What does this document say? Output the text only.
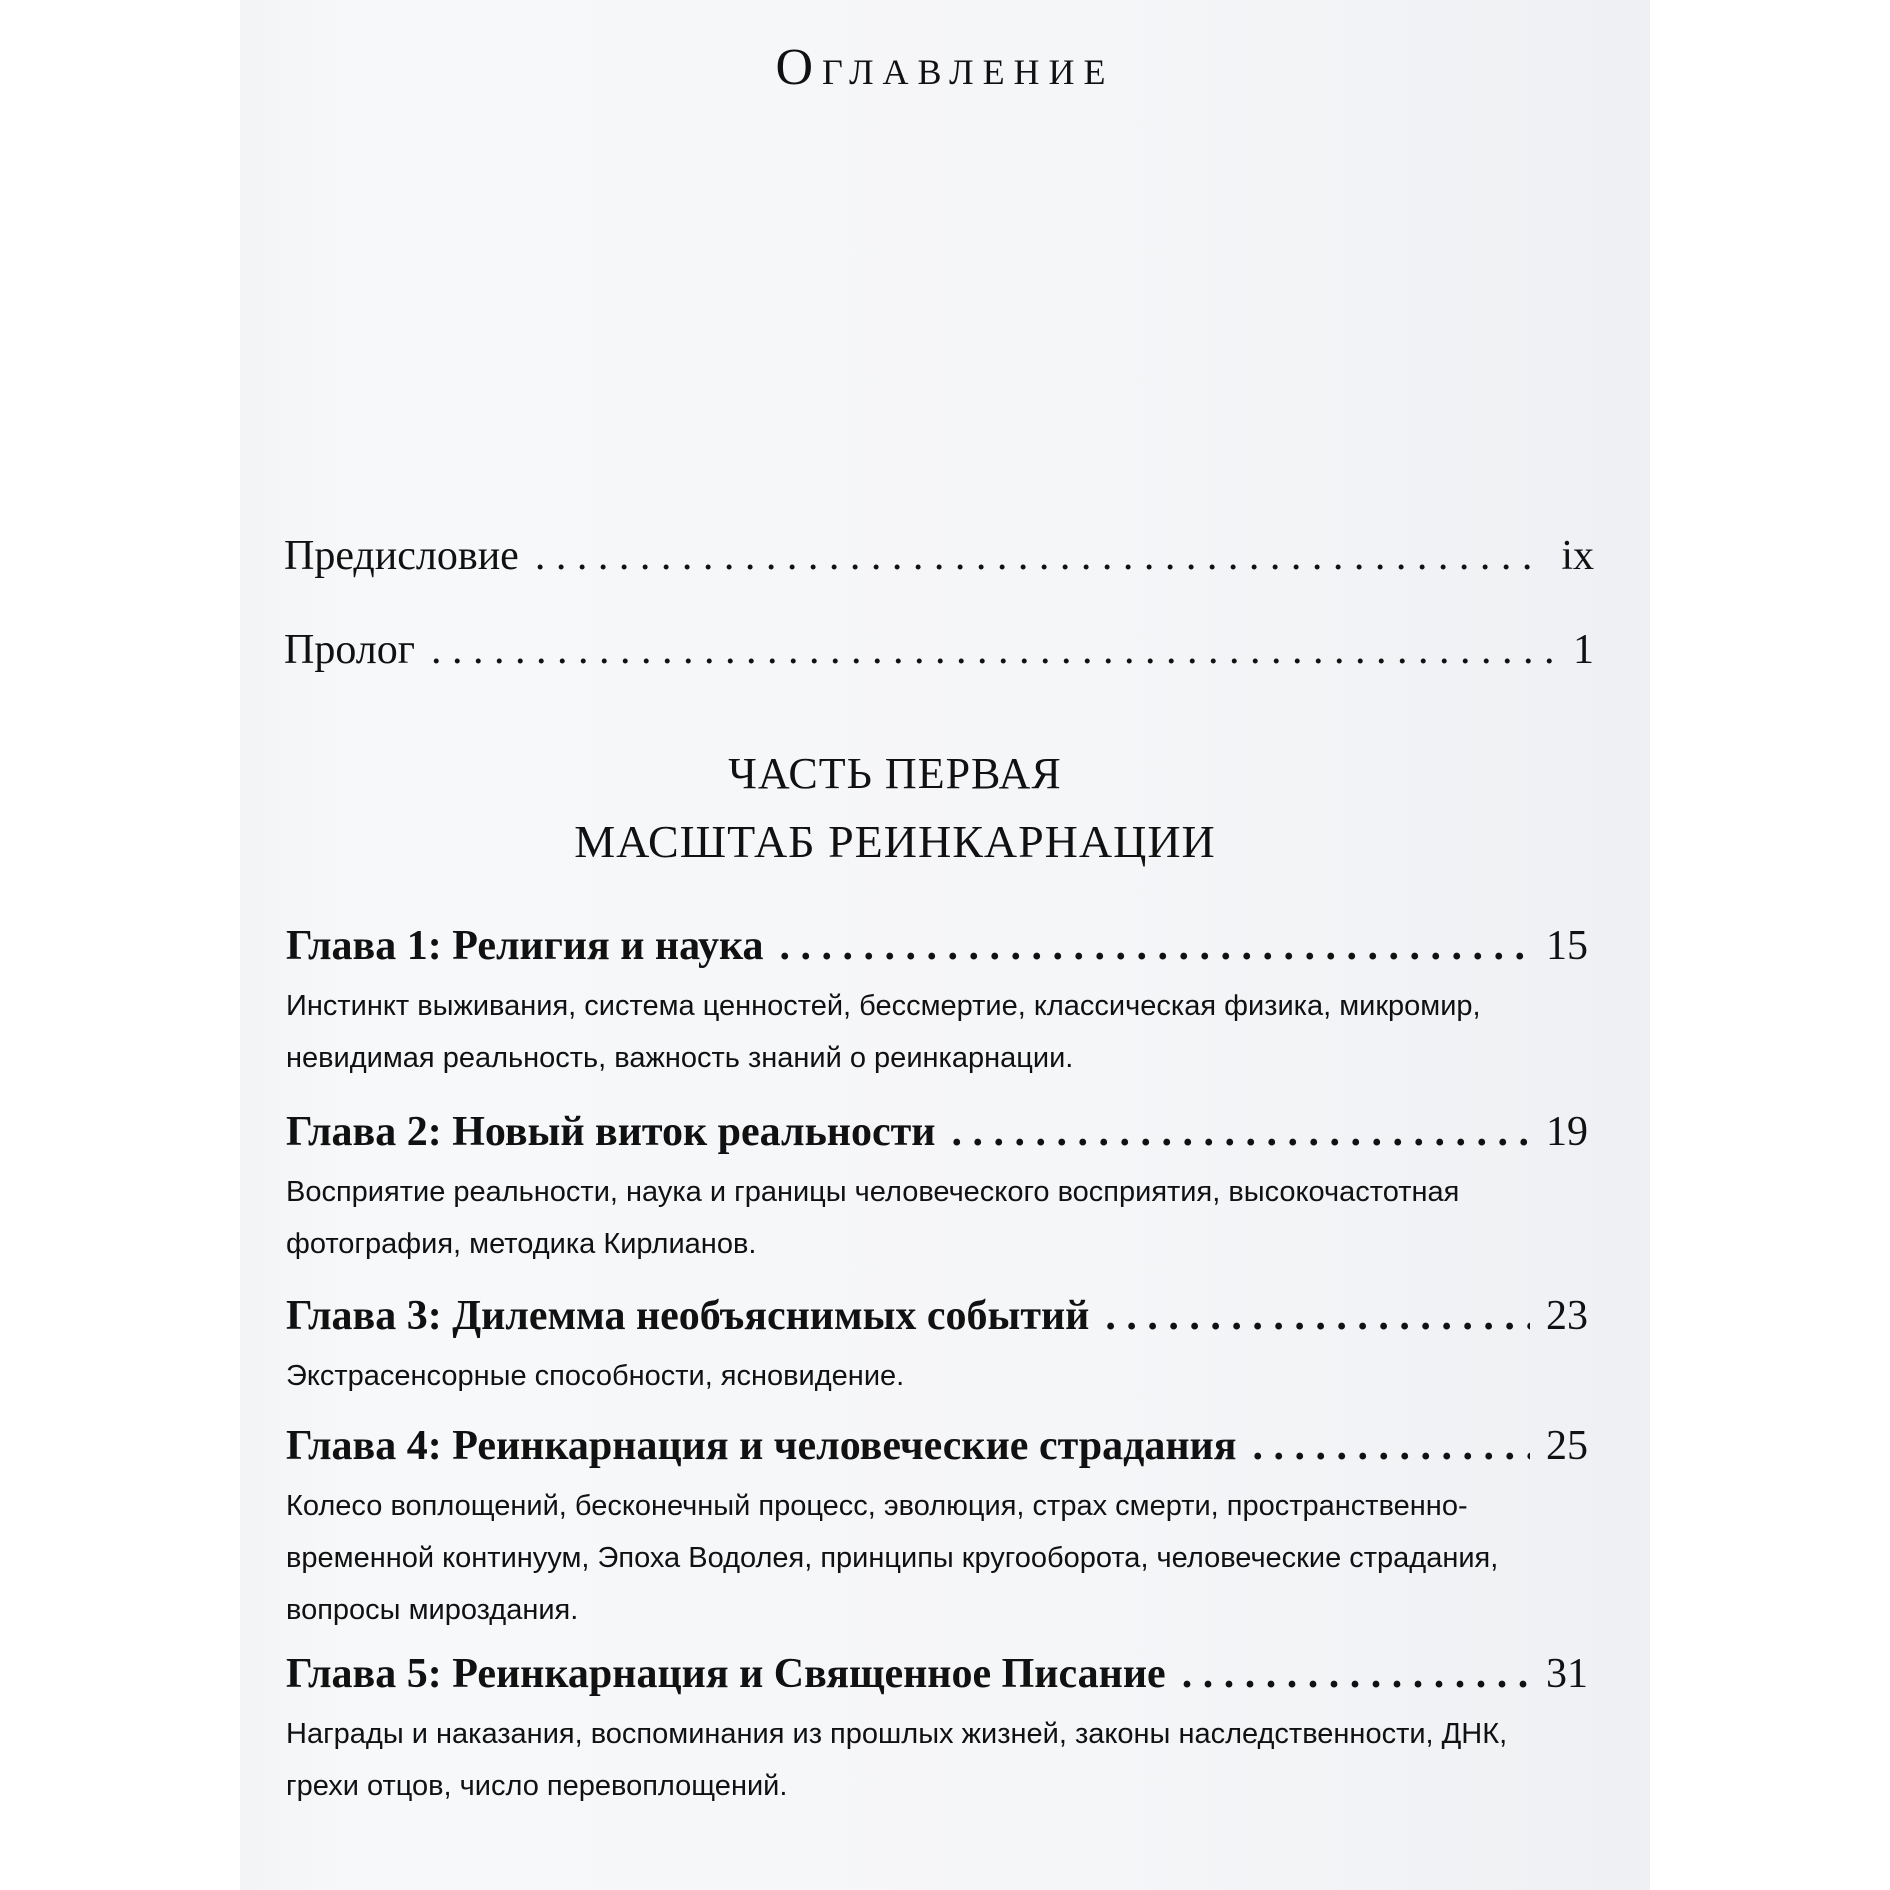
Оглавление
Предисловие . . .	ix
Пролог . . .	1
ЧАСТЬ ПЕРВАЯ
МАСШТАБ РЕИНКАРНАЦИИ
Глава 1: Религия и наука . . .	15
Инстинкт выживания, система ценностей, бессмертие, классическая физика, микромир, невидимая реальность, важность знаний о реинкарнации.
Глава 2: Новый виток реальности . . .	19
Восприятие реальности, наука и границы человеческого восприятия, высокочастотная фотография, методика Кирлианов.
Глава 3: Дилемма необъяснимых событий . . .	23
Экстрасенсорные способности, ясновидение.
Глава 4: Реинкарнация и человеческие страдания . . .	25
Колесо воплощений, бесконечный процесс, эволюция, страх смерти, пространственно-временной континуум, Эпоха Водолея, принципы кругооборота, человеческие страдания, вопросы мироздания.
Глава 5: Реинкарнация и Священное Писание . . .	31
Награды и наказания, воспоминания из прошлых жизней, законы наследственности, ДНК, грехи отцов, число перевоплощений.
